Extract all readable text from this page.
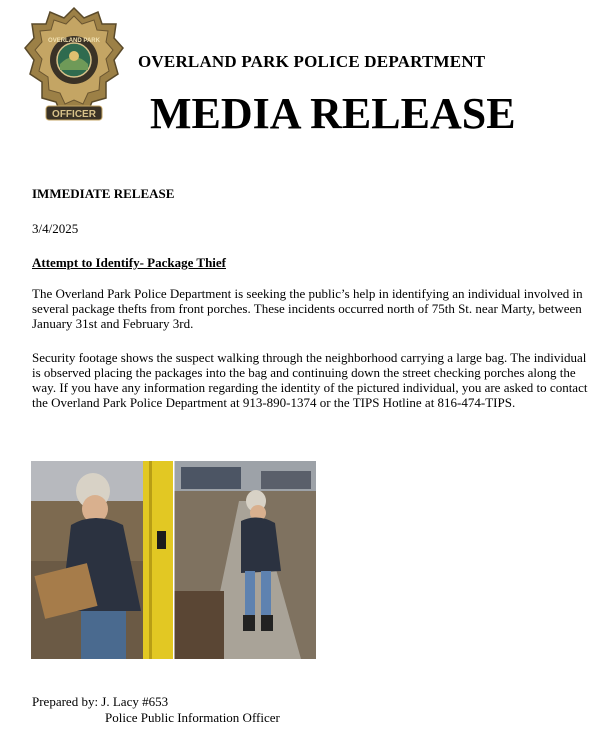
OFFICER
OVERLAND PARK
OVERLAND PARK POLICE DEPARTMENT
MEDIA RELEASE
IMMEDIATE RELEASE
3/4/2025
Attempt to Identify- Package Thief
The Overland Park Police Department is seeking the public’s help in identifying an individual involved in several package thefts from front porches. These incidents occurred north of 75th St. near Marty, between January 31st and February 3rd.
Security footage shows the suspect walking through the neighborhood carrying a large bag. The individual is observed placing the packages into the bag and continuing down the street checking porches along the way. If you have any information regarding the identity of the pictured individual, you are asked to contact the Overland Park Police Department at 913-890-1374 or the TIPS Hotline at 816-474-TIPS.
Prepared by: J. Lacy #653
Police Public Information Officer
